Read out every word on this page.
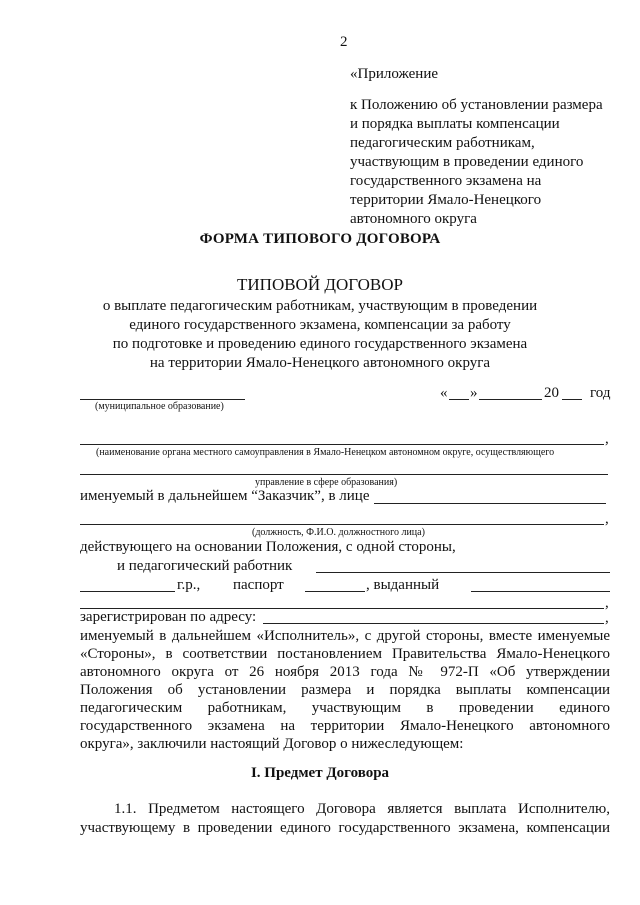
2
«Приложение
к Положению об установлении размера
и порядка выплаты компенсации
педагогическим работникам,
участвующим в проведении единого
государственного экзамена на
территории Ямало-Ненецкого
автономного округа
ФОРМА ТИПОВОГО ДОГОВОРА
ТИПОВОЙ ДОГОВОР
о выплате педагогическим работникам, участвующим в проведении
единого государственного экзамена, компенсации за работу
по подготовке и проведению единого государственного экзамена
на территории Ямало-Ненецкого автономного округа
(муниципальное образование)
« »	20 год
,
(наименование органа местного самоуправления в Ямало-Ненецком автономном округе, осуществляющего
управление в сфере образования)
именуемый в дальнейшем “Заказчик”, в лице
,
(должность, Ф.И.О. должностного лица)
действующего на основании Положения, с одной стороны,
и педагогический работник
г.р., паспорт	, выданный
,
зарегистрирован по адресу:	,
именуемый в дальнейшем «Исполнитель», с другой стороны, вместе именуемые
«Стороны», в соответствии постановлением Правительства Ямало-Ненецкого
автономного округа от 26 ноября 2013 года № 972-П «Об утверждении
Положения об установлении размера и порядка выплаты компенсации
педагогическим работникам, участвующим в проведении единого
государственного экзамена на территории Ямало-Ненецкого автономного
округа», заключили настоящий Договор о нижеследующем:
I. Предмет Договора
1.1. Предметом настоящего Договора является выплата Исполнителю,
участвующему в проведении единого государственного экзамена, компенсации
